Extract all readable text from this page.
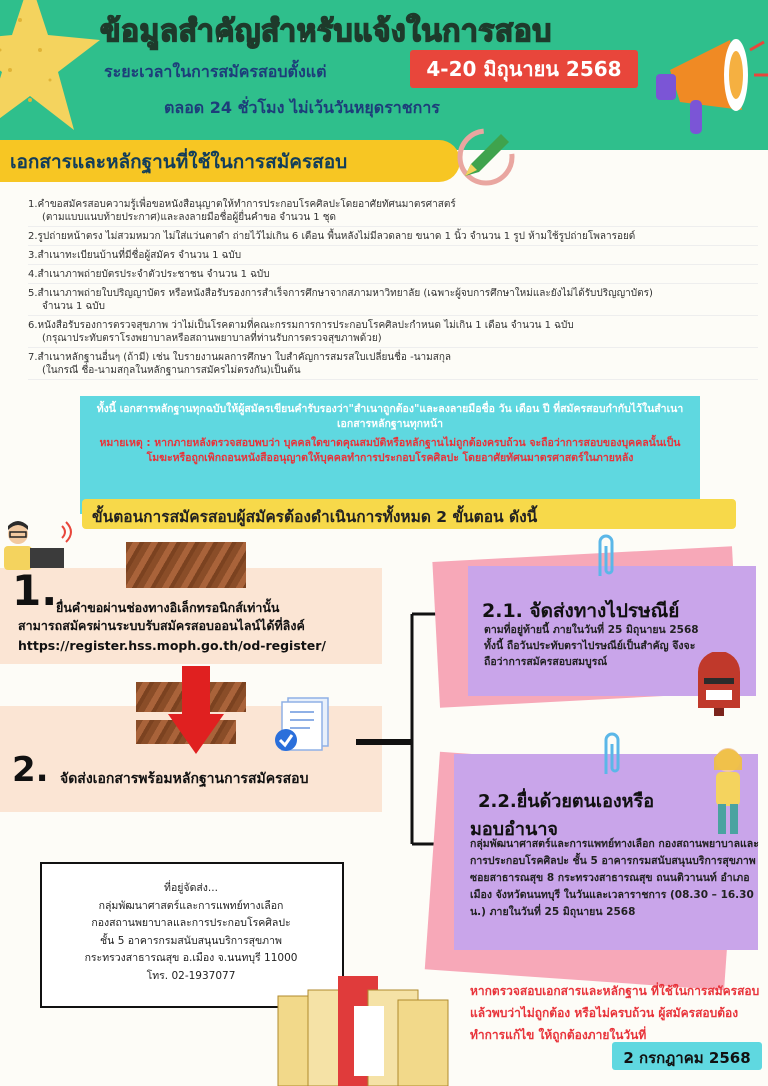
ข้อมูลสำคัญสำหรับแจ้งในการสอบ
ระยะเวลาในการสมัครสอบตั้งแต่	4-20 มิถุนายน 2568
ตลอด 24 ชั่วโมง ไม่เว้นวันหยุดราชการ
เอกสารและหลักฐานที่ใช้ในการสมัครสอบ
1.คำขอสมัครสอบความรู้เพื่อขอหนังสือนุญาตให้ทำการประกอบโรคศิลปะโดยอาศัยทัศนมาตรศาสตร์
(ตามแบบแนบท้ายประกาศ)และลงลายมือชื่อผู้ยื่นคำขอ จำนวน 1 ชุด
2.รูปถ่ายหน้าตรง ไม่สวมหมวก ไม่ใส่แว่นตาดำ ถ่ายไว้ไม่เกิน 6 เดือน พื้นหลังไม่มีลวดลาย ขนาด 1 นิ้ว จำนวน 1 รูป ห้ามใช้รูปถ่ายโพลารอยด์
3.สำเนาทะเบียนบ้านที่มีชื่อผู้สมัคร จำนวน 1 ฉบับ
4.สำเนาภาพถ่ายบัตรประจำตัวประชาชน จำนวน 1 ฉบับ
5.สำเนาภาพถ่ายใบปริญญาบัตร หรือหนังสือรับรองการสำเร็จการศึกษาจากสภามหาวิทยาลัย (เฉพาะผู้จบการศึกษาใหม่และยังไม่ได้รับปริญญาบัตร)
จำนวน 1 ฉบับ
6.หนังสือรับรองการตรวจสุขภาพ ว่าไม่เป็นโรคตามที่คณะกรรมการการประกอบโรคศิลปะกำหนด ไม่เกิน 1 เดือน จำนวน 1 ฉบับ
(กรุณาประทับตราโรงพยาบาลหรือสถานพยาบาลที่ท่านรับการตรวจสุขภาพด้วย)
7.สำเนาหลักฐานอื่นๆ (ถ้ามี) เช่น ใบรายงานผลการศึกษา ใบสำคัญการสมรสใบเปลี่ยนชื่อ -นามสกุล
(ในกรณี ชื่อ-นามสกุลในหลักฐานการสมัครไม่ตรงกัน)เป็นต้น
ทั้งนี้ เอกสารหลักฐานทุกฉบับให้ผู้สมัครเขียนคำรับรองว่า"สำเนาถูกต้อง"และลงลายมือชื่อ วัน เดือน ปี ที่สมัครสอบกำกับไว้ในสำเนาเอกสารหลักฐานทุกหน้า
หมายเหตุ : หากภายหลังตรวจสอบพบว่า บุคคลใดขาดคุณสมบัติหรือหลักฐานไม่ถูกต้องครบถ้วน จะถือว่าการสอบของบุคคลนั้นเป็นโมฆะหรือถูกเพิกถอนหนังสืออนุญาตให้บุคคลทำการประกอบโรคศิลปะ โดยอาศัยทัศนมาตรศาสตร์ในภายหลัง
ขั้นตอนการสมัครสอบผู้สมัครต้องดำเนินการทั้งหมด 2 ขั้นตอน ดังนี้
1.
ยื่นคำขอผ่านช่องทางอิเล็กทรอนิกส์เท่านั้น
สามารถสมัครผ่านระบบรับสมัครสอบออนไลน์ได้ที่ลิงค์
https://register.hss.moph.go.th/od-register/
2. จัดส่งเอกสารพร้อมหลักฐานการสมัครสอบ
2.1. จัดส่งทางไปรษณีย์
ตามที่อยู่ท้ายนี้ ภายในวันที่ 25 มิถุนายน 2568 ทั้งนี้ ถือวันประทับตราไปรษณีย์เป็นสำคัญ จึงจะถือว่าการสมัครสอบสมบูรณ์
2.2.ยื่นด้วยตนเองหรือ
มอบอำนาจ
กลุ่มพัฒนาศาสตร์และการแพทย์ทางเลือก กองสถานพยาบาลและการประกอบโรคศิลปะ ชั้น 5 อาคารกรมสนับสนุนบริการสุขภาพ ซอยสาธารณสุข 8 กระทรวงสาธารณสุข ถนนติวานนท์ อำเภอเมือง จังหวัดนนทบุรี ในวันและเวลาราชการ (08.30 – 16.30 น.) ภายในวันที่ 25 มิถุนายน 2568
ที่อยู่จัดส่ง...
กลุ่มพัฒนาศาสตร์และการแพทย์ทางเลือก
กองสถานพยาบาลและการประกอบโรคศิลปะ
ชั้น 5 อาคารกรมสนับสนุนบริการสุขภาพ
กระทรวงสาธารณสุข อ.เมือง จ.นนทบุรี 11000
โทร. 02-1937077
หากตรวจสอบเอกสารและหลักฐาน ที่ใช้ในการสมัครสอบแล้วพบว่าไม่ถูกต้อง หรือไม่ครบถ้วน ผู้สมัครสอบต้องทำการแก้ไข ให้ถูกต้องภายในวันที่
2 กรกฎาคม 2568
